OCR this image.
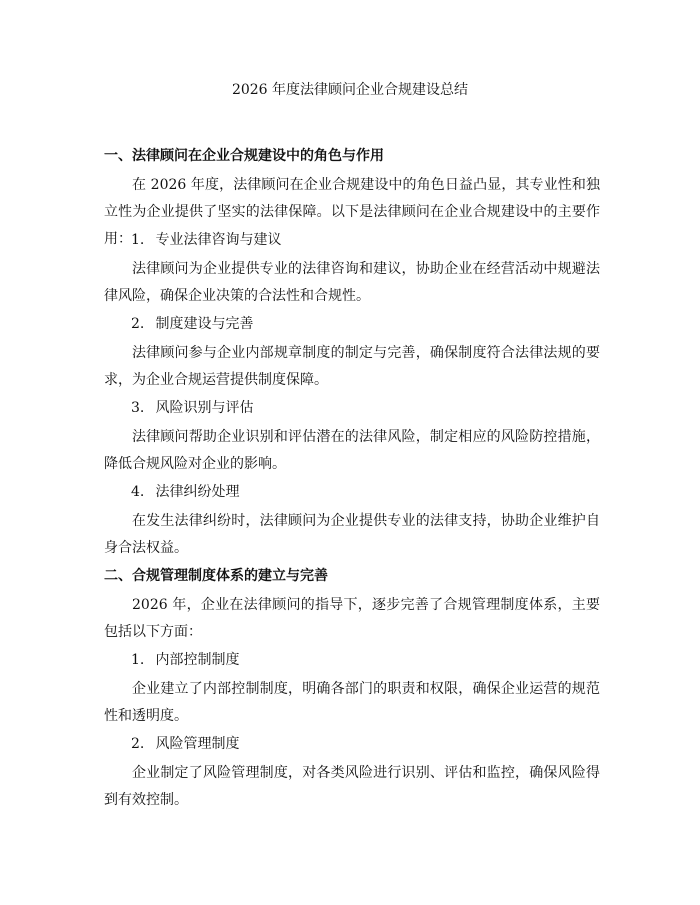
2026 年度法律顾问企业合规建设总结
一、法律顾问在企业合规建设中的角色与作用

在 2026 年度，法律顾问在企业合规建设中的角色日益凸显，其专业性和独立性为企业提供了坚实的法律保障。以下是法律顾问在企业合规建设中的主要作用： 1. 专业法律咨询与建议

法律顾问为企业提供专业的法律咨询和建议，协助企业在经营活动中规避法律风险，确保企业决策的合法性和合规性。

2. 制度建设与完善

法律顾问参与企业内部规章制度的制定与完善，确保制度符合法律法规的要求，为企业合规运营提供制度保障。

3. 风险识别与评估

法律顾问帮助企业识别和评估潜在的法律风险，制定相应的风险防控措施，降低合规风险对企业的影响。

4. 法律纠纷处理

在发生法律纠纷时，法律顾问为企业提供专业的法律支持，协助企业维护自身合法权益。

二、合规管理制度体系的建立与完善

2026 年，企业在法律顾问的指导下，逐步完善了合规管理制度体系，主要包括以下方面：

1. 内部控制制度

企业建立了内部控制制度，明确各部门的职责和权限，确保企业运营的规范性和透明度。

2. 风险管理制度

企业制定了风险管理制度，对各类风险进行识别、评估和监控，确保风险得到有效控制。
